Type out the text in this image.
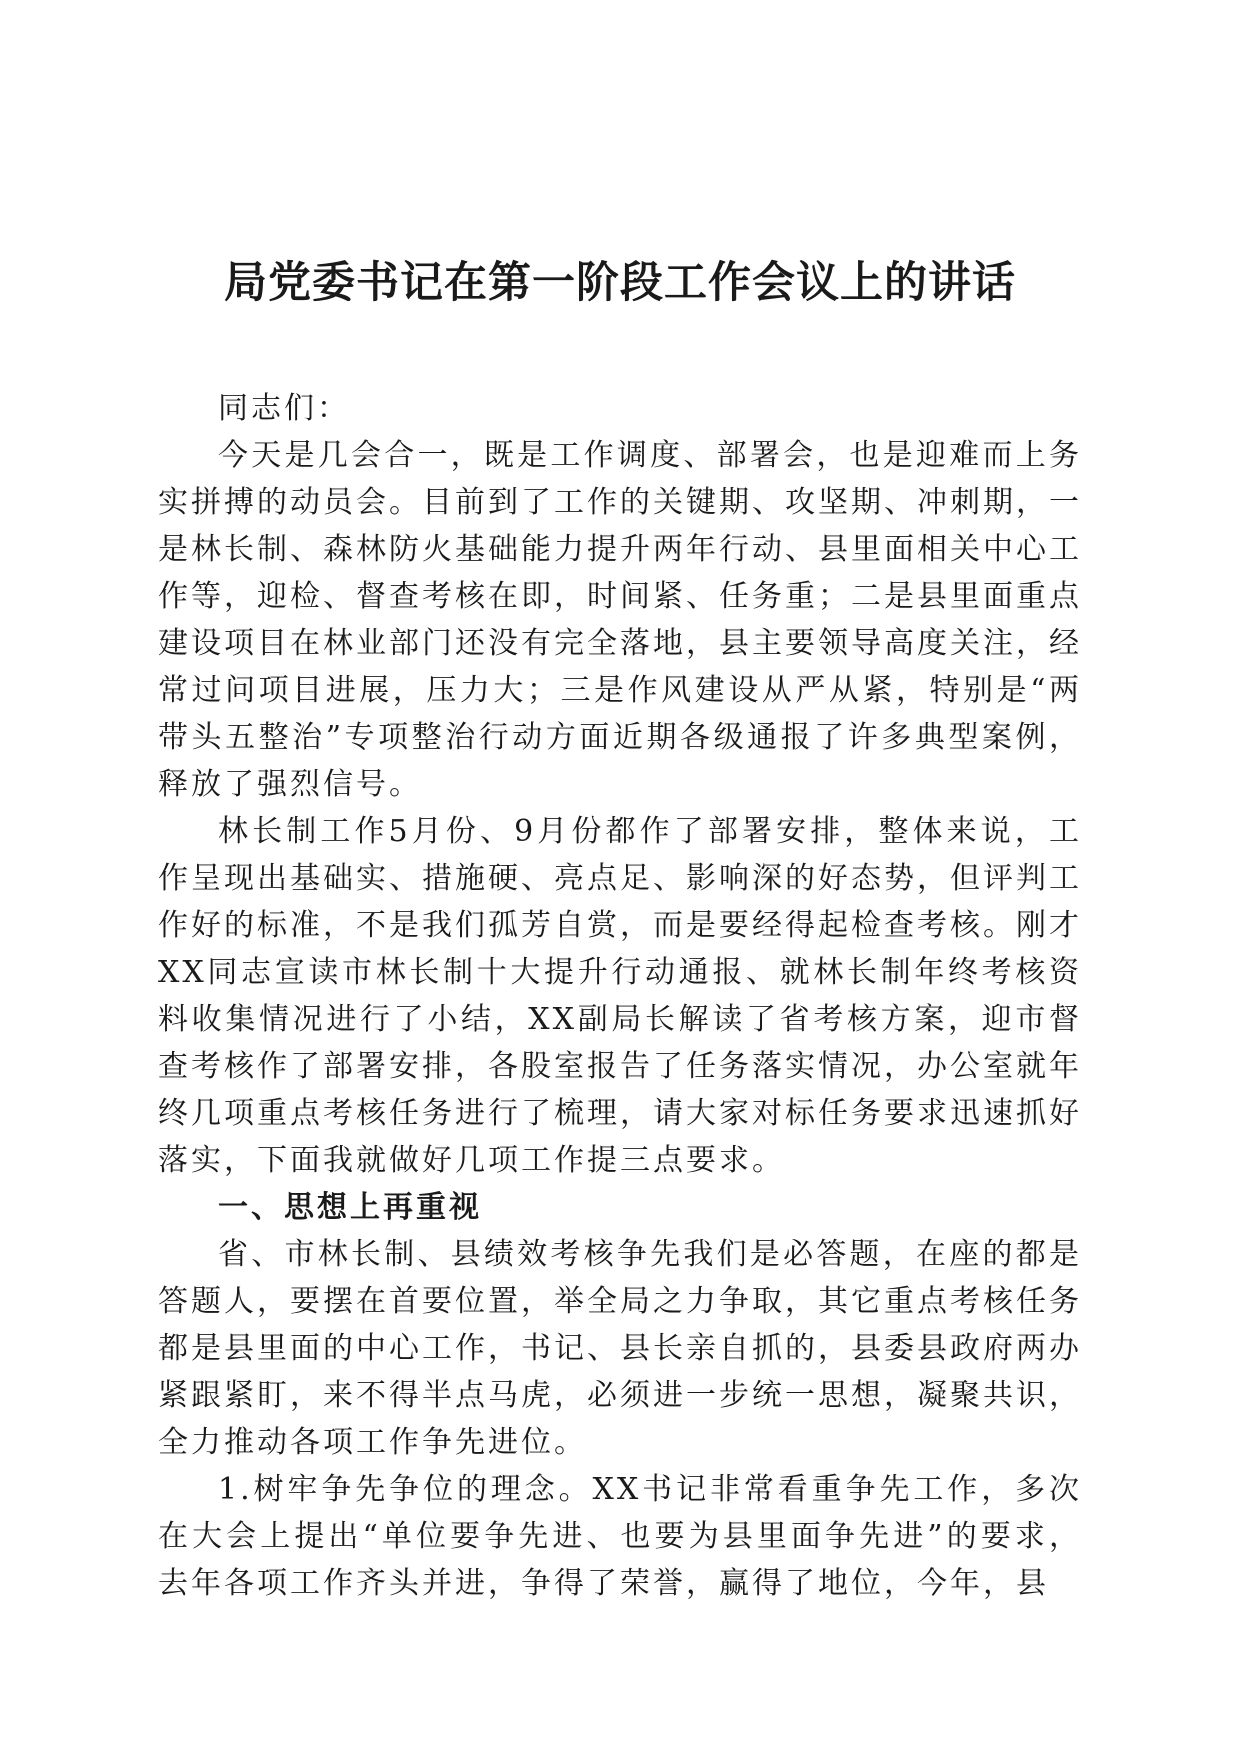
局党委书记在第一阶段工作会议上的讲话

同志们：

今天是几会合一，既是工作调度、部署会，也是迎难而上务实拼搏的动员会。目前到了工作的关键期、攻坚期、冲刺期，一是林长制、森林防火基础能力提升两年行动、县里面相关中心工作等，迎检、督查考核在即，时间紧、任务重；二是县里面重点建设项目在林业部门还没有完全落地，县主要领导高度关注，经常过问项目进展，压力大；三是作风建设从严从紧，特别是“两带头五整治”专项整治行动方面近期各级通报了许多典型案例，释放了强烈信号。

林长制工作5月份、9月份都作了部署安排，整体来说，工作呈现出基础实、措施硬、亮点足、影响深的好态势，但评判工作好的标准，不是我们孤芳自赏，而是要经得起检查考核。刚才XX同志宣读市林长制十大提升行动通报、就林长制年终考核资料收集情况进行了小结，XX副局长解读了省考核方案，迎市督查考核作了部署安排，各股室报告了任务落实情况，办公室就年终几项重点考核任务进行了梳理，请大家对标任务要求迅速抓好落实，下面我就做好几项工作提三点要求。

一、思想上再重视

省、市林长制、县绩效考核争先我们是必答题，在座的都是答题人，要摆在首要位置，举全局之力争取，其它重点考核任务都是县里面的中心工作，书记、县长亲自抓的，县委县政府两办紧跟紧盯，来不得半点马虎，必须进一步统一思想，凝聚共识，全力推动各项工作争先进位。

1.树牢争先争位的理念。XX书记非常看重争先工作，多次在大会上提出“单位要争先进、也要为县里面争先进”的要求，去年各项工作齐头并进，争得了荣誉，赢得了地位，今年，县
